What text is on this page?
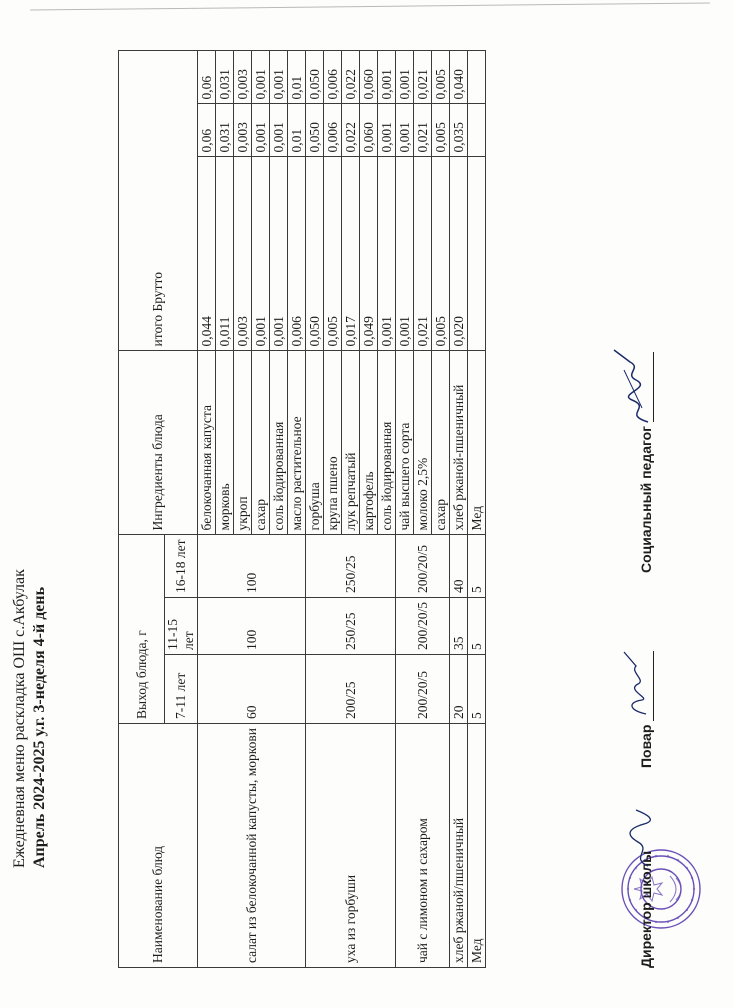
Ежедневная меню раскладка ОШ с.Акбулак Апрель 2024-2025 у.г. 3-неделя 4-й день
Наименование блюд	Выход блюда, г			Ингредиенты блюда	итого Брутто		
	7-11 лет	11-15 лет	16-18 лет				
салат из белокочанной капусты, моркови	60	100	100	белокочанная капуста	0,044	0,06	0,06
				морковь	0,011	0,031	0,031
				укроп	0,003	0,003	0,003
				сахар	0,001	0,001	0,001
				соль йодированная	0,001	0,001	0,001
				масло растительное	0,006	0,01	0,01
уха из горбуши	200/25	250/25	250/25	горбуша	0,050	0,050	0,050
				крупа пшено	0,005	0,006	0,006
				лук репчатый	0,017	0,022	0,022
				картофель	0,049	0,060	0,060
				соль йодированная	0,001	0,001	0,001
чай с лимоном и сахаром	200/20/5	200/20/5	200/20/5	чай высшего сорта	0,001	0,001	0,001
				молоко 2,5%	0,021	0,021	0,021
				сахар	0,005	0,005	0,005
хлеб ржаной/пшеничный	20	35	40	хлеб ржаной-пшеничный	0,020	0,035	0,040
Мед	5	5	5	Мед			
Директор школы
Повар
Социальный педагог
